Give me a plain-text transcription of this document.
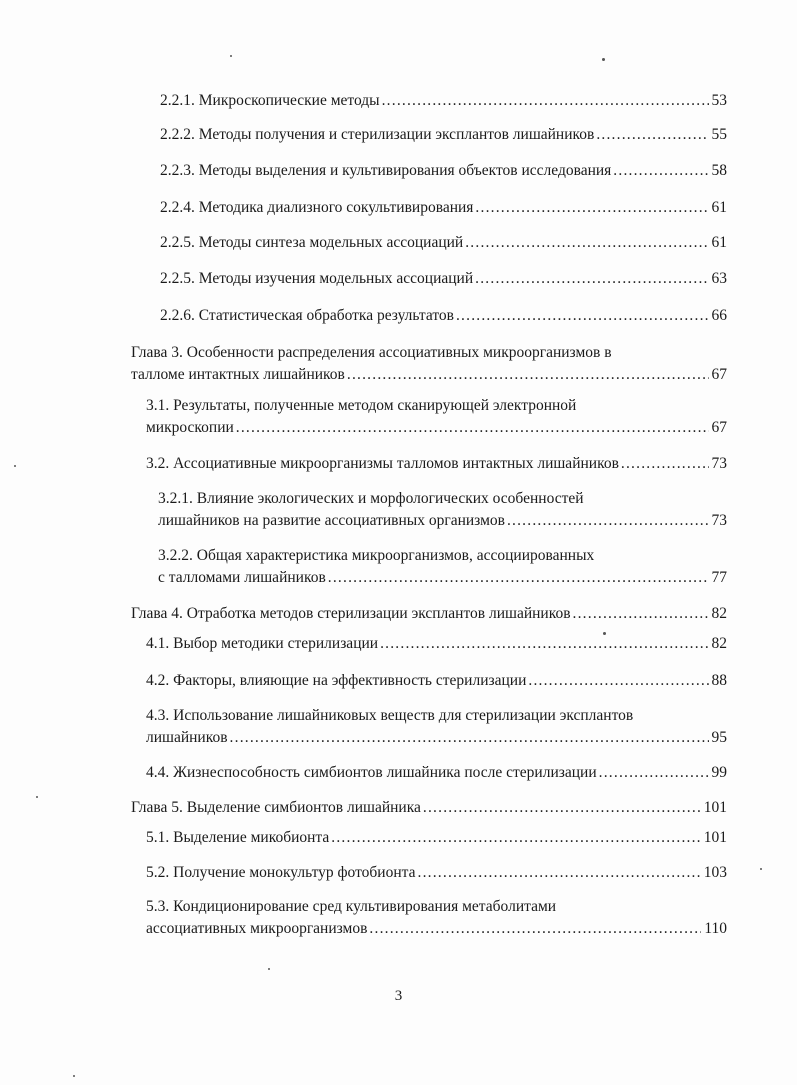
2.2.1. Микроскопические методы .....	53
2.2.2. Методы получения и стерилизации эксплантов лишайников .....	55
2.2.3. Методы выделения и культивирования объектов исследования .....	58
2.2.4. Методика диализного сокультивирования .....	61
2.2.5. Методы синтеза модельных ассоциаций .....	61
2.2.5. Методы изучения модельных ассоциаций .....	63
2.2.6. Статистическая обработка результатов .....	66
Глава 3. Особенности распределения ассоциативных микроорганизмов в
талломе интактных лишайников .....	67
3.1. Результаты, полученные методом сканирующей электронной
микроскопии .....	67
3.2. Ассоциативные микроорганизмы талломов интактных лишайников .....	73
3.2.1. Влияние экологических и морфологических особенностей
лишайников на развитие ассоциативных организмов .....	73
3.2.2. Общая характеристика микроорганизмов, ассоциированных
с талломами лишайников .....	77
Глава 4. Отработка методов стерилизации эксплантов лишайников .....	82
4.1. Выбор методики стерилизации .....	82
4.2. Факторы, влияющие на эффективность стерилизации .....	88
4.3. Использование лишайниковых веществ для стерилизации эксплантов
лишайников .....	95
4.4. Жизнеспособность симбионтов лишайника после стерилизации .....	99
Глава 5. Выделение симбионтов лишайника .....	101
5.1. Выделение микобионта .....	101
5.2. Получение монокультур фотобионта .....	103
5.3. Кондиционирование сред культивирования метаболитами
ассоциативных микроорганизмов .....	110
3
